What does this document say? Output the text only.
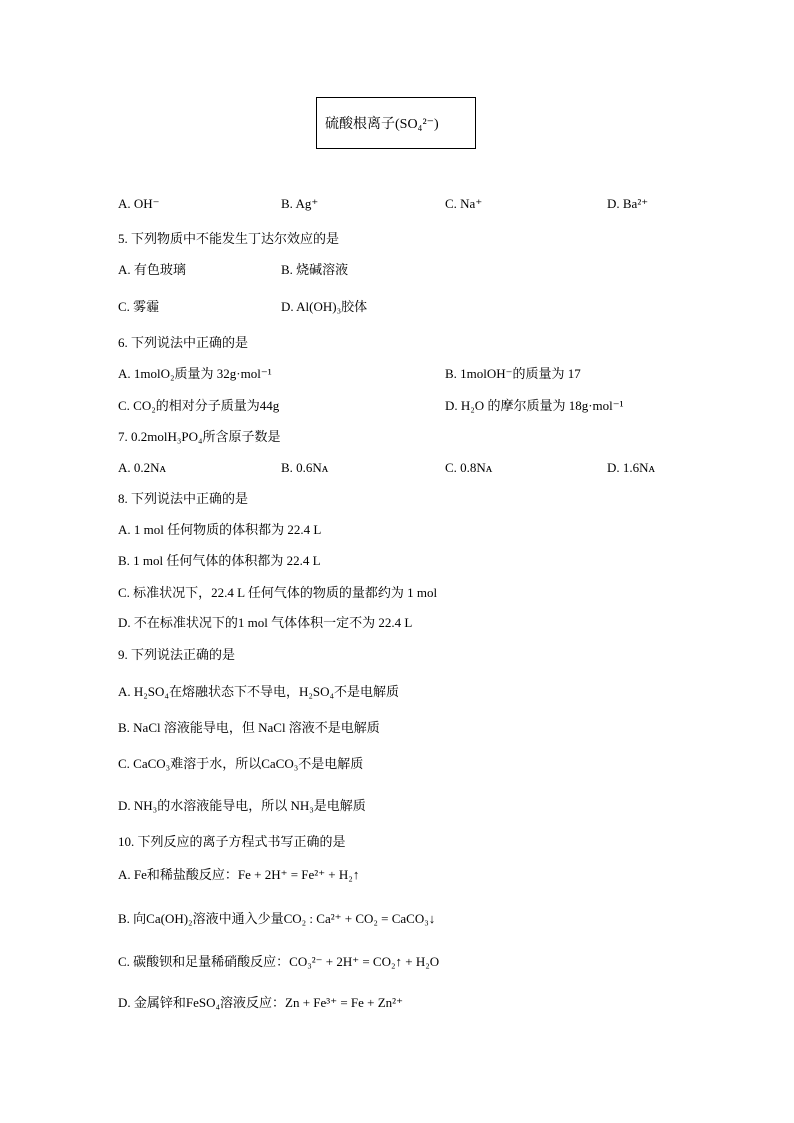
硫酸根离子(SO₄²⁻)
A. OH⁻	B. Ag⁺	C. Na⁺	D. Ba²⁺
5. 下列物质中不能发生丁达尔效应的是
A. 有色玻璃	B. 烧碱溶液
C. 雾霾	D. Al(OH)₃胶体
6. 下列说法中正确的是
A. 1molO₂质量为 32g·mol⁻¹	B. 1molOH⁻的质量为 17
C. CO₂的相对分子质量为44g	D. H₂O 的摩尔质量为 18g·mol⁻¹
7. 0.2molH₃PO₄所含原子数是
A. 0.2Nᴀ	B. 0.6Nᴀ	C. 0.8Nᴀ	D. 1.6Nᴀ
8. 下列说法中正确的是
A. 1 mol 任何物质的体积都为 22.4 L
B. 1 mol 任何气体的体积都为 22.4 L
C. 标准状况下，22.4 L 任何气体的物质的量都约为 1 mol
D. 不在标准状况下的1 mol 气体体积一定不为 22.4 L
9. 下列说法正确的是
A. H₂SO₄在熔融状态下不导电，H₂SO₄不是电解质
B. NaCl 溶液能导电，但 NaCl 溶液不是电解质
C. CaCO₃难溶于水，所以CaCO₃不是电解质
D. NH₃的水溶液能导电，所以 NH₃是电解质
10. 下列反应的离子方程式书写正确的是
A. Fe和稀盐酸反应：Fe + 2H⁺ = Fe²⁺ + H₂↑
B. 向Ca(OH)₂溶液中通入少量CO₂ : Ca²⁺ + CO₂ = CaCO₃↓
C. 碳酸钡和足量稀硝酸反应：CO₃²⁻ + 2H⁺ = CO₂↑ + H₂O
D. 金属锌和FeSO₄溶液反应：Zn + Fe³⁺ = Fe + Zn²⁺
